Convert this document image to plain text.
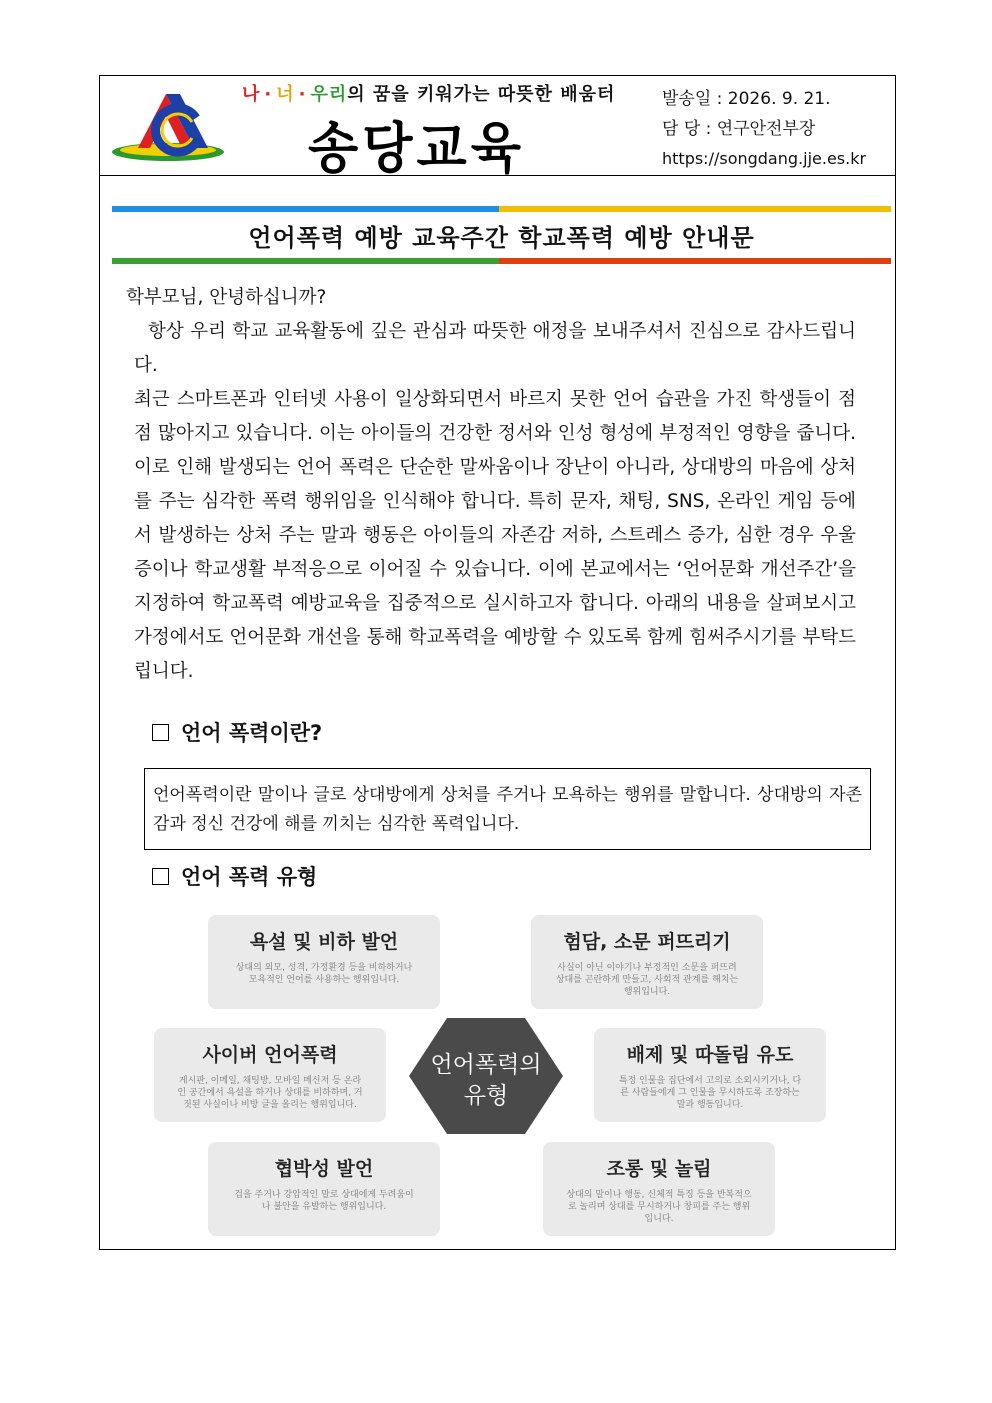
나 · 너 · 우리의 꿈을 키워가는 따뜻한 배움터
송당교육
발송일 : 2026. 9. 21.
담 당 : 연구안전부장
https://songdang.jje.es.kr
언어폭력 예방 교육주간 학교폭력 예방 안내문

학부모님, 안녕하십니까?

항상 우리 학교 교육활동에 깊은 관심과 따뜻한 애정을 보내주셔서 진심으로 감사드립니다.

최근 스마트폰과 인터넷 사용이 일상화되면서 바르지 못한 언어 습관을 가진 학생들이 점점 많아지고 있습니다. 이는 아이들의 건강한 정서와 인성 형성에 부정적인 영향을 줍니다. 이로 인해 발생되는 언어 폭력은 단순한 말싸움이나 장난이 아니라, 상대방의 마음에 상처를 주는 심각한 폭력 행위임을 인식해야 합니다. 특히 문자, 채팅, SNS, 온라인 게임 등에서 발생하는 상처 주는 말과 행동은 아이들의 자존감 저하, 스트레스 증가, 심한 경우 우울증이나 학교생활 부적응으로 이어질 수 있습니다. 이에 본교에서는 ‘언어문화 개선주간’을 지정하여 학교폭력 예방교육을 집중적으로 실시하고자 합니다. 아래의 내용을 살펴보시고 가정에서도 언어문화 개선을 통해 학교폭력을 예방할 수 있도록 함께 힘써주시기를 부탁드립니다.

언어 폭력이란?
언어폭력이란 말이나 글로 상대방에게 상처를 주거나 모욕하는 행위를 말합니다. 상대방의 자존감과 정신 건강에 해를 끼치는 심각한 폭력입니다.
언어 폭력 유형
욕설 및 비하 발언
상대의 외모, 성격, 가정환경 등을 비하하거나 모욕적인 언어를 사용하는 행위입니다.
험담, 소문 퍼뜨리기
사실이 아닌 이야기나 부정적인 소문을 퍼뜨려 상대를 곤란하게 만들고, 사회적 관계를 해치는 행위입니다.
사이버 언어폭력
게시판, 이메일, 채팅방, 모바일 메신저 등 온라인 공간에서 욕설을 하거나 상대를 비하하며, 거짓된 사실이나 비방 글을 올리는 행위입니다.
배제 및 따돌림 유도
특정 인물을 집단에서 고의로 소외시키거나, 다른 사람들에게 그 인물을 무시하도록 조장하는 말과 행동입니다.
협박성 발언
겁을 주거나 강압적인 말로 상대에게 두려움이나 불안을 유발하는 행위입니다.
조롱 및 놀림
상대의 말이나 행동, 신체적 특징 등을 반복적으로 놀리며 상대를 무시하거나 창피를 주는 행위입니다.
언어폭력의
유형
